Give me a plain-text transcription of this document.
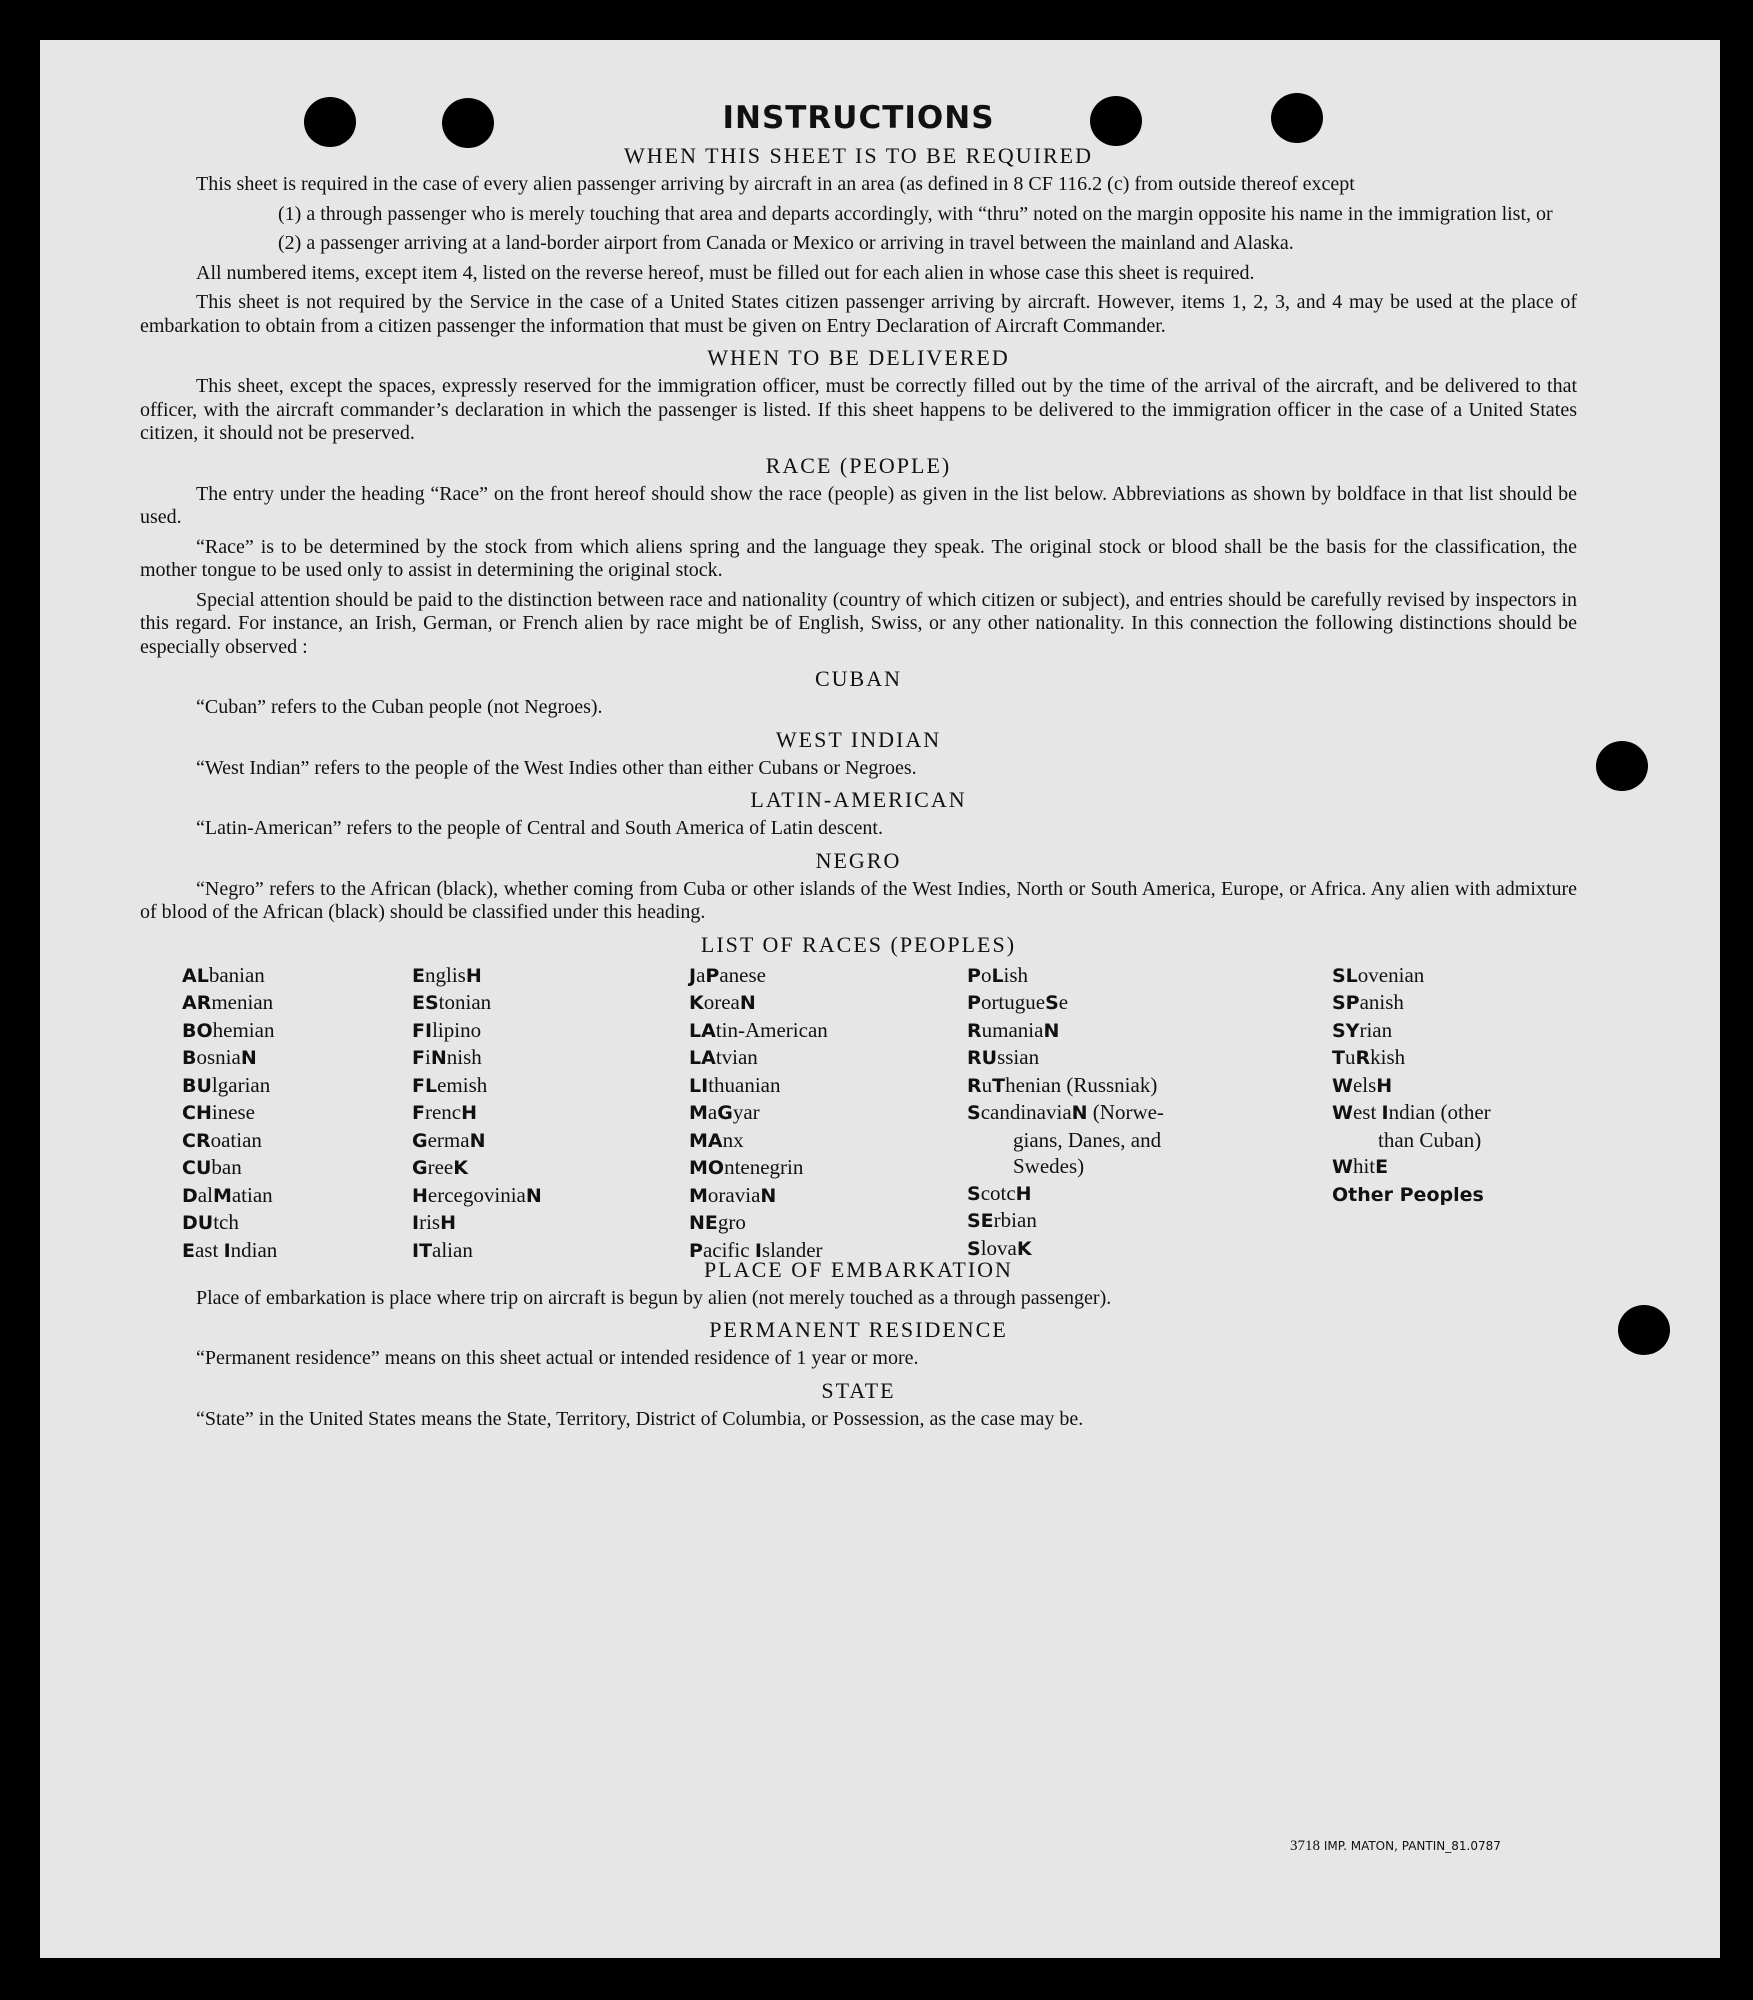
INSTRUCTIONS
WHEN THIS SHEET IS TO BE REQUIRED

This sheet is required in the case of every alien passenger arriving by aircraft in an area (as defined in 8 CF 116.2 (c) from outside thereof except

(1) a through passenger who is merely touching that area and departs accordingly, with “thru” noted on the margin opposite his name in the immigration list, or

(2) a passenger arriving at a land-border airport from Canada or Mexico or arriving in travel between the mainland and Alaska.

All numbered items, except item 4, listed on the reverse hereof, must be filled out for each alien in whose case this sheet is required.

This sheet is not required by the Service in the case of a United States citizen passenger arriving by aircraft. However, items 1, 2, 3, and 4 may be used at the place of embarkation to obtain from a citizen passenger the information that must be given on Entry Declaration of Aircraft Commander.

WHEN TO BE DELIVERED

This sheet, except the spaces, expressly reserved for the immigration officer, must be correctly filled out by the time of the arrival of the aircraft, and be delivered to that officer, with the aircraft commander’s declaration in which the passenger is listed. If this sheet happens to be delivered to the immigration officer in the case of a United States citizen, it should not be preserved.

RACE (PEOPLE)

The entry under the heading “Race” on the front hereof should show the race (people) as given in the list below. Abbreviations as shown by boldface in that list should be used.

“Race” is to be determined by the stock from which aliens spring and the language they speak. The original stock or blood shall be the basis for the classification, the mother tongue to be used only to assist in determining the original stock.

Special attention should be paid to the distinction between race and nationality (country of which citizen or subject), and entries should be carefully revised by inspectors in this regard. For instance, an Irish, German, or French alien by race might be of English, Swiss, or any other nationality. In this connection the following distinctions should be especially observed :

CUBAN

“Cuban” refers to the Cuban people (not Negroes).

WEST INDIAN

“West Indian” refers to the people of the West Indies other than either Cubans or Negroes.

LATIN-AMERICAN

“Latin-American” refers to the people of Central and South America of Latin descent.

NEGRO

“Negro” refers to the African (black), whether coming from Cuba or other islands of the West Indies, North or South America, Europe, or Africa. Any alien with admixture of blood of the African (black) should be classified under this heading.

LIST OF RACES (PEOPLES)
ALbanian
ARmenian
BOhemian
BosniaN
BUlgarian
CHinese
CRoatian
CUban
DalMatian
DUtch
East Indian
EnglisH
EStonian
FIlipino
FiNnish
FLemish
FrencH
GermaN
GreeK
HercegoviniaN
IrisH
ITalian
JaPanese
KoreaN
LAtin-American
LAtvian
LIthuanian
MaGyar
MAnx
MOntenegrin
MoraviaN
NEgro
Pacific Islander
PoLish
PortugueSe
RumaniaN
RUssian
RuThenian (Russniak)
ScandinaviaN (Norwe-
gians, Danes, and
Swedes)
ScotcH
SErbian
SlovaK
SLovenian
SPanish
SYrian
TuRkish
WelsH
West Indian (other
than Cuban)
WhitE
Other Peoples
PLACE OF EMBARKATION

Place of embarkation is place where trip on aircraft is begun by alien (not merely touched as a through passenger).

PERMANENT RESIDENCE

“Permanent residence” means on this sheet actual or intended residence of 1 year or more.

STATE

“State” in the United States means the State, Territory, District of Columbia, or Possession, as the case may be.

3718 IMP. MATON, PANTIN_81.0787
